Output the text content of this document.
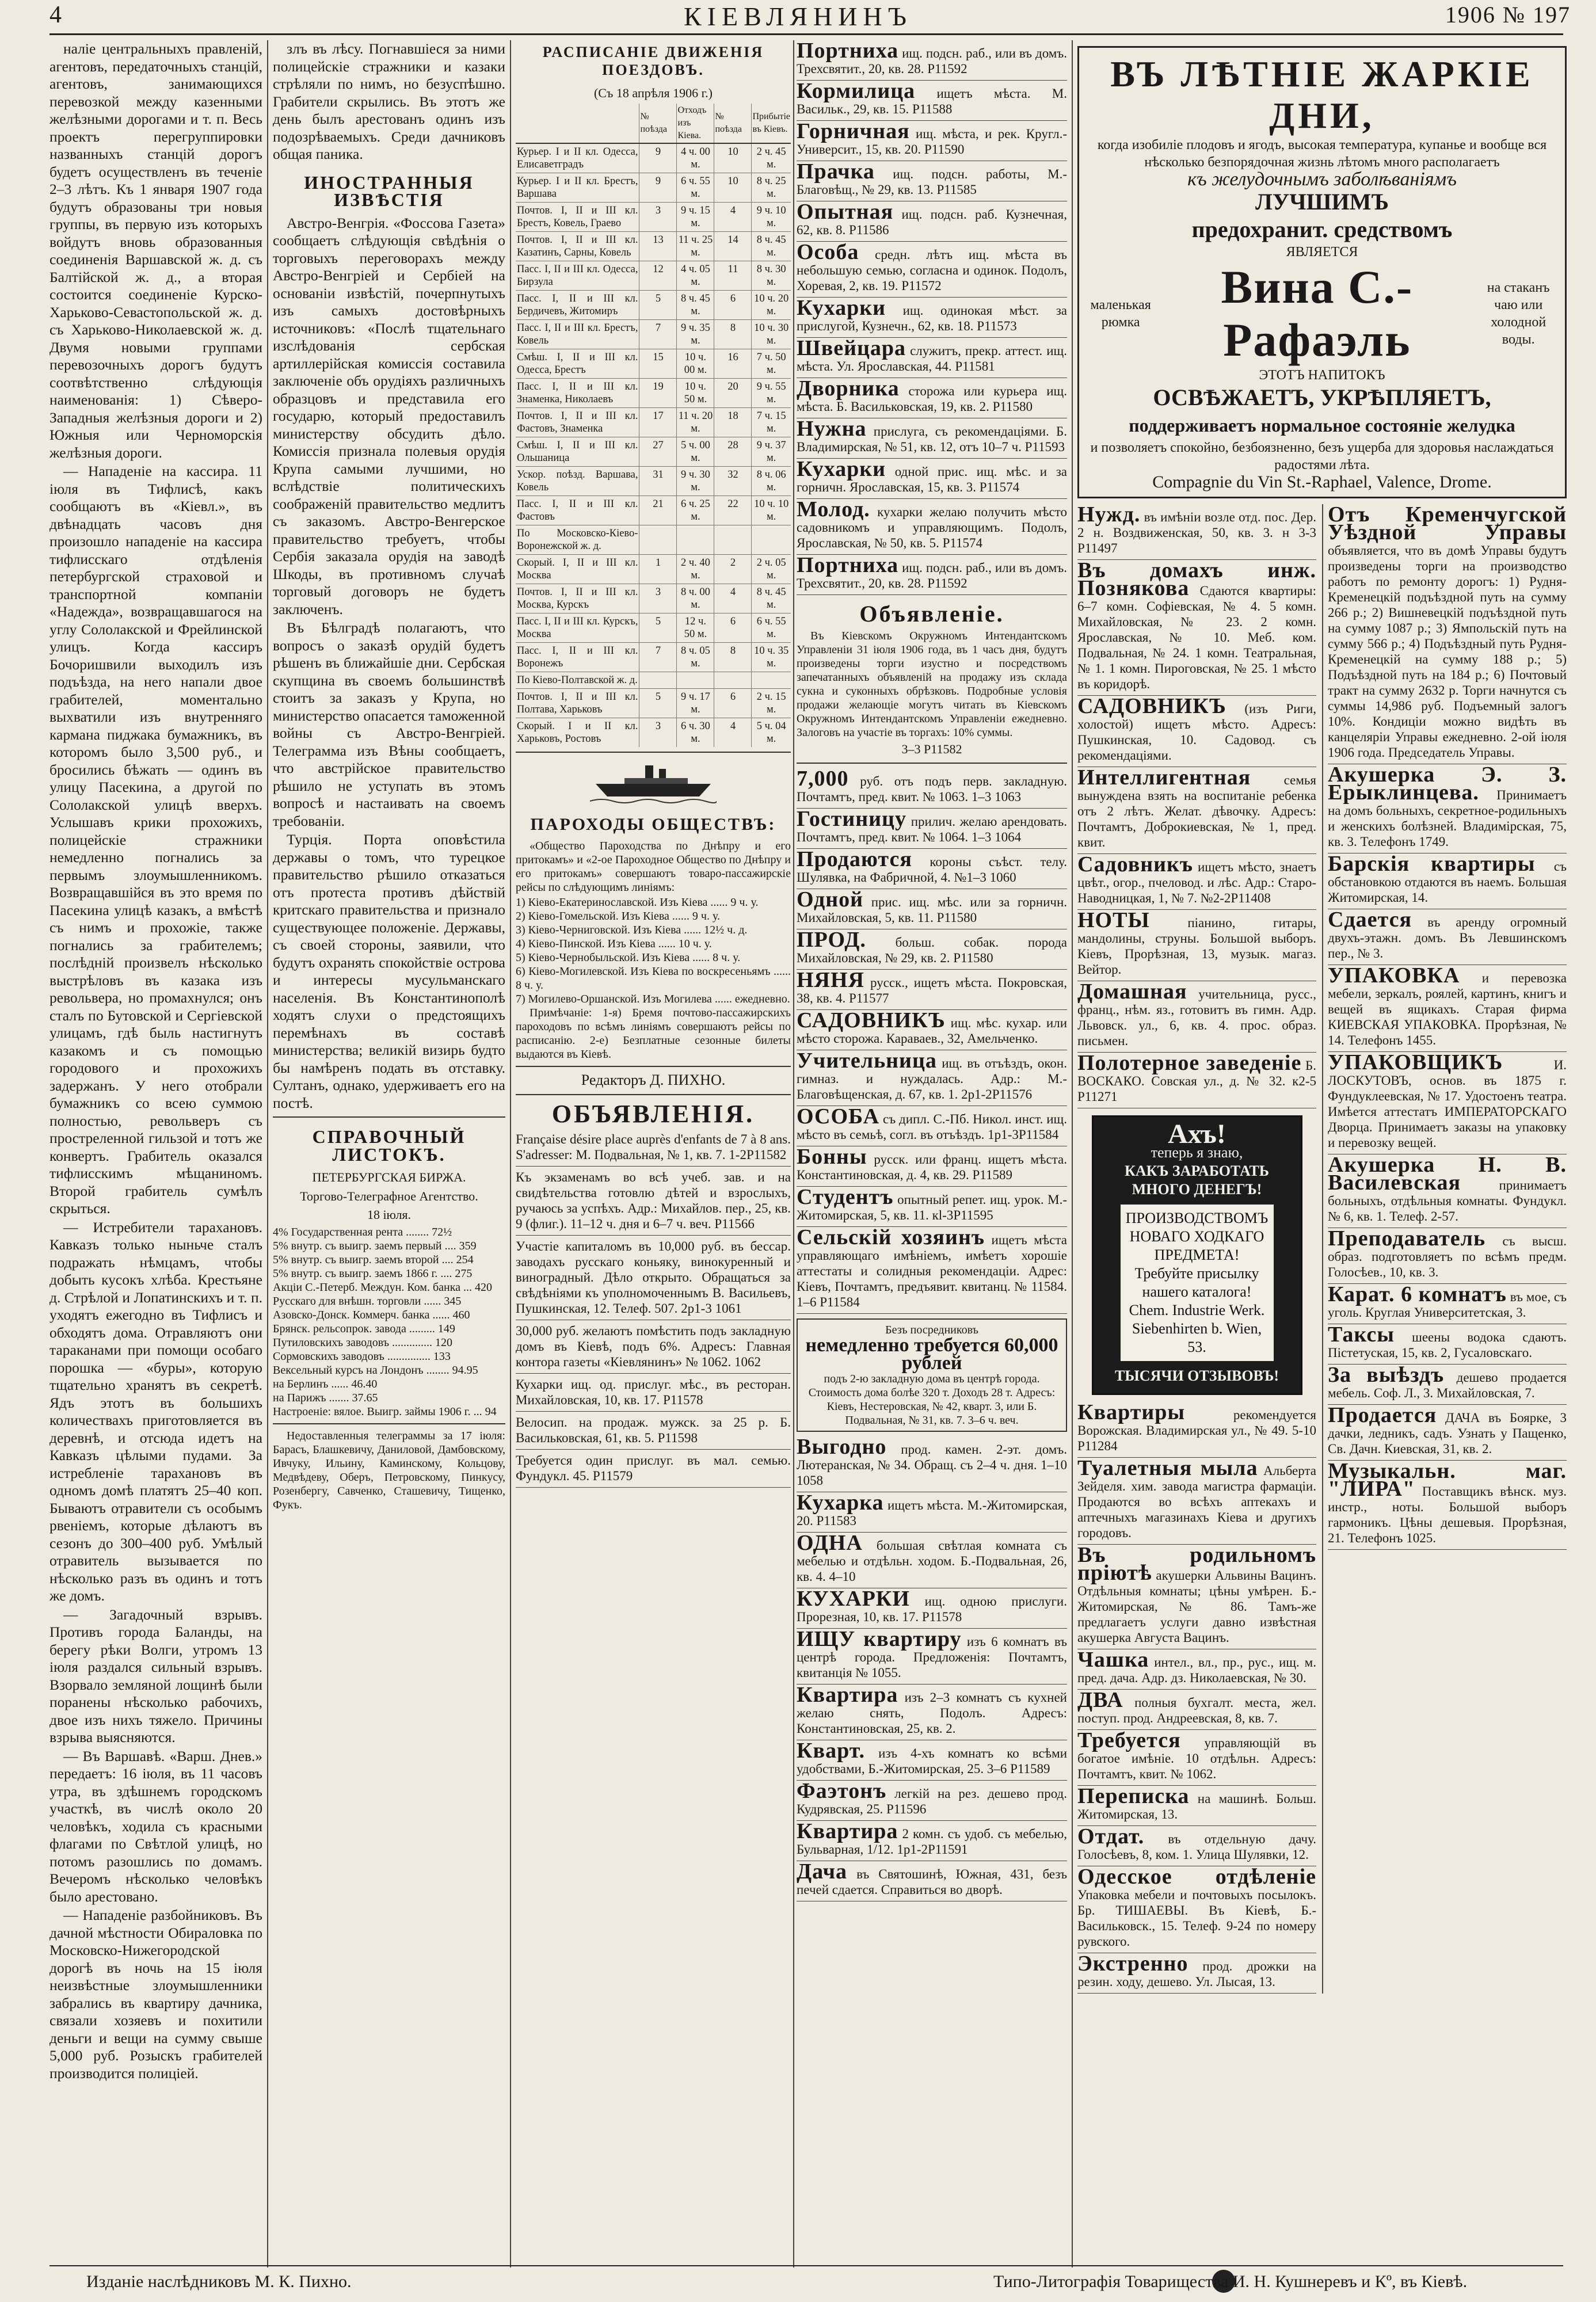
4	КІЕВЛЯНИНЪ	1906 № 197

наліе центральныхъ правленій, агентовъ, передаточныхъ станцій, агентовъ, занимающихся перевозкой между казенными желѣзными дорогами и т. п. Весь проектъ перегруппировки названныхъ станцій дорогъ будетъ осуществленъ въ теченіе 2–3 лѣтъ. Къ 1 января 1907 года будутъ образованы три новыя группы, въ первую изъ которыхъ войдутъ вновь образованныя соединенія Варшавской ж. д. съ Балтійской ж. д., а вторая состоится соединеніе Курско-Харьково-Севастопольской ж. д. съ Харьково-Николаевской ж. д. Двумя новыми группами перевозочныхъ дорогъ будутъ соотвѣтственно слѣдующія наименованія: 1) Сѣверо-Западныя желѣзныя дороги и 2) Южныя или Черноморскія желѣзныя дороги.

— Нападеніе на кассира. 11 іюля въ Тифлисѣ, какъ сообщаютъ въ «Кіевл.», въ двѣнадцать часовъ дня произошло нападеніе на кассира тифлисскаго отдѣленія петербургской страховой и транспортной компаніи «Надежда», возвращавшагося на углу Сололакской и Фрейлинской улицъ. Когда кассиръ Бочоришвили выходилъ изъ подъѣзда, на него напали двое грабителей, моментально выхватили изъ внутренняго кармана пиджака бумажникъ, въ которомъ было 3,500 руб., и бросились бѣжать — одинъ въ улицу Пасекина, а другой по Сололакской улицѣ вверхъ. Услышавъ крики прохожихъ, полицейскіе стражники немедленно погнались за первымъ злоумышленникомъ. Возвращавшійся въ это время по Пасекина улицѣ казакъ, а вмѣстѣ съ нимъ и прохожіе, также погнались за грабителемъ; послѣдній произвелъ нѣсколько выстрѣловъ въ казака изъ револьвера, но промахнулся; онъ сталъ по Бутовской и Сергіевской улицамъ, гдѣ быль настигнутъ казакомъ и съ помощью городового и прохожихъ задержанъ. У него отобрали бумажникъ со всею суммою полностью, револьверъ съ простреленной гильзой и тотъ же конвертъ. Грабитель оказался тифлисскимъ мѣщаниномъ. Второй грабитель сумѣлъ скрыться.

— Истребители тарахановъ. Кавказъ только ныньче сталъ подражать нѣмцамъ, чтобы добыть кусокъ хлѣба. Крестьяне д. Стрѣлой и Лопатинскихъ и т. п. уходятъ ежегодно въ Тифлисъ и обходятъ дома. Отравляютъ они тараканами при помощи особаго порошка — «буры», которую тщательно хранятъ въ секретѣ. Ядъ этотъ въ большихъ количествахъ приготовляется въ деревнѣ, и отсюда идетъ на Кавказъ цѣлыми пудами. За истребленіе тарахановъ въ одномъ домѣ платятъ 25–40 коп. Бываютъ отравители съ особымъ рвеніемъ, которые дѣлаютъ въ сезонъ до 300–400 руб. Умѣлый отравитель вызывается по нѣсколько разъ въ одинъ и тотъ же домъ.

— Загадочный взрывъ. Противъ города Баланды, на берегу рѣки Волги, утромъ 13 іюля раздался сильный взрывъ. Взорвало земляной лощинѣ были поранены нѣсколько рабочихъ, двое изъ нихъ тяжело. Причины взрыва выясняются.

— Въ Варшавѣ. «Варш. Днев.» передаетъ: 16 іюля, въ 11 часовъ утра, въ здѣшнемъ городскомъ участкѣ, въ числѣ около 20 человѣкъ, ходила съ красными флагами по Свѣтлой улицѣ, но потомъ разошлись по домамъ. Вечеромъ нѣсколько человѣкъ было арестовано.

— Нападеніе разбойниковъ. Въ дачной мѣстности Обираловка по Московско-Нижегородской дорогѣ въ ночь на 15 іюля неизвѣстные злоумышленники забрались въ квартиру дачника, связали хозяевъ и похитили деньги и вещи на сумму свыше 5,000 руб. Розыскъ грабителей производится полиціей.

злъ въ лѣсу. Погнавшіеся за ними полицейскіе стражники и казаки стрѣляли по нимъ, но безуспѣшно. Грабители скрылись. Въ этотъ же день былъ арестованъ одинъ изъ подозрѣваемыхъ. Среди дачниковъ общая паника.

ИНОСТРАННЫЯ ИЗВѢСТІЯ

Австро-Венгрія. «Фоссова Газета» сообщаетъ слѣдующія свѣдѣнія о торговыхъ переговорахъ между Австро-Венгріей и Сербіей на основаніи извѣстій, почерпнутыхъ изъ самыхъ достовѣрныхъ источниковъ: «Послѣ тщательнаго изслѣдованія сербская артиллерійская комиссія составила заключеніе объ орудіяхъ различныхъ образцовъ и представила его государю, который предоставилъ министерству обсудить дѣло. Комиссія признала полевыя орудія Крупа самыми лучшими, но вслѣдствіе политическихъ соображеній правительство медлитъ съ заказомъ. Австро-Венгерское правительство требуетъ, чтобы Сербія заказала орудія на заводѣ Шкоды, въ противномъ случаѣ торговый договоръ не будетъ заключенъ.

Въ Бѣлградѣ полагаютъ, что вопросъ о заказѣ орудій будетъ рѣшенъ въ ближайшіе дни. Сербская скупщина въ своемъ большинствѣ стоитъ за заказъ у Крупа, но министерство опасается таможенной войны съ Австро-Венгріей. Телеграмма изъ Вѣны сообщаетъ, что австрійское правительство рѣшило не уступать въ этомъ вопросѣ и настаивать на своемъ требованіи.

Турція. Порта оповѣстила державы о томъ, что турецкое правительство рѣшило отказаться отъ протеста противъ дѣйствій критскаго правительства и признало существующее положеніе. Державы, съ своей стороны, заявили, что будутъ охранять спокойствіе острова и интересы мусульманскаго населенія. Въ Константинополѣ ходятъ слухи о предстоящихъ перемѣнахъ въ составѣ министерства; великій визирь будто бы намѣренъ подать въ отставку. Султанъ, однако, удерживаетъ его на постѣ.

СПРАВОЧНЫЙ ЛИСТОКЪ.
ПЕТЕРБУРГСКАЯ БИРЖА.
Торгово-Телеграфное Агентство.
18 іюля.
4% Государственная рента ........ 72½
5% внутр. съ выигр. заемъ первый .... 359
5% внутр. съ выигр. заемъ второй .... 254
5% внутр. съ выигр. заемъ 1866 г. .... 275
Акціи С.-Петерб. Междун. Ком. банка ... 420
Русскаго для внѣшн. торговли ...... 345
Азовско-Донск. Коммерч. банка ...... 460
Брянск. рельсопрок. завода ......... 149
Путиловскихъ заводовъ .............. 120
Сормовскихъ заводовъ ............... 133
Вексельный курсъ на Лондонъ ........ 94.95
на Берлинъ ...... 46.40
на Парижъ ....... 37.65
Настроеніе: вялое. Выигр. займы 1906 г. ... 94

Недоставленныя телеграммы за 17 іюля: Барасъ, Блашкевичу, Даниловой, Дамбовскому, Ивчуку, Ильину, Каминскому, Кольцову, Медвѣдеву, Оберъ, Петровскому, Пинкусу, Розенбергу, Савченко, Сташевичу, Тищенко, Фукъ.

РАСПИСАНІЕ ДВИЖЕНІЯ ПОЕЗДОВЪ.
(Съ 18 апрѣля 1906 г.)
	№ поѣзда	Отходъ изъ Кіева.	№ поѣзда	Прибытіе въ Кіевъ.
Курьер. I и II кл. Одесса, Елисаветградъ	9	4 ч. 00 м.	10	2 ч. 45 м.
Курьер. I и II кл. Брестъ, Варшава	9	6 ч. 55 м.	10	8 ч. 25 м.
Почтов. I, II и III кл. Брестъ, Ковель, Граево	3	9 ч. 15 м.	4	9 ч. 10 м.
Почтов. I, II и III кл. Казатинъ, Сарны, Ковель	13	11 ч. 25 м.	14	8 ч. 45 м.
Пасс. I, II и III кл. Одесса, Бирзула	12	4 ч. 05 м.	11	8 ч. 30 м.
Пасс. I, II и III кл. Бердичевъ, Житомиръ	5	8 ч. 45 м.	6	10 ч. 20 м.
Пасс. I, II и III кл. Брестъ, Ковель	7	9 ч. 35 м.	8	10 ч. 30 м.
Смѣш. I, II и III кл. Одесса, Брестъ	15	10 ч. 00 м.	16	7 ч. 50 м.
Пасс. I, II и III кл. Знаменка, Николаевъ	19	10 ч. 50 м.	20	9 ч. 55 м.
Почтов. I, II и III кл. Фастовъ, Знаменка	17	11 ч. 20 м.	18	7 ч. 15 м.
Смѣш. I, II и III кл. Ольшаница	27	5 ч. 00 м.	28	9 ч. 37 м.
Ускор. поѣзд. Варшава, Ковель	31	9 ч. 30 м.	32	8 ч. 06 м.
Пасс. I, II и III кл. Фастовъ	21	6 ч. 25 м.	22	10 ч. 10 м.
По Московско-Кіево-Воронежской ж. д.				
Скорый. I, II и III кл. Москва	1	2 ч. 40 м.	2	2 ч. 05 м.
Почтов. I, II и III кл. Москва, Курскъ	3	8 ч. 00 м.	4	8 ч. 45 м.
Пасс. I, II и III кл. Курскъ, Москва	5	12 ч. 50 м.	6	6 ч. 55 м.
Пасс. I, II и III кл. Воронежъ	7	8 ч. 05 м.	8	10 ч. 35 м.
По Кіево-Полтавской ж. д.				
Почтов. I, II и III кл. Полтава, Харьковъ	5	9 ч. 17 м.	6	2 ч. 15 м.
Скорый. I и II кл. Харьковъ, Ростовъ	3	6 ч. 30 м.	4	5 ч. 04 м.
ПАРОХОДЫ ОБЩЕСТВЪ:

«Общество Пароходства по Днѣпру и его притокамъ» и «2-ое Пароходное Общество по Днѣпру и его притокамъ» совершаютъ товаро-пассажирскіе рейсы по слѣдующимъ линіямъ:

1) Кіево-Екатеринославской. Изъ Кіева ...... 9 ч. у.
2) Кіево-Гомельской. Изъ Кіева ...... 9 ч. у.
3) Кіево-Черниговской. Изъ Кіева ...... 12½ ч. д.
4) Кіево-Пинской. Изъ Кіева ...... 10 ч. у.
5) Кіево-Чернобыльской. Изъ Кіева ...... 8 ч. у.
6) Кіево-Могилевской. Изъ Кіева по воскресеньямъ ...... 8 ч. у.
7) Могилево-Оршанской. Изъ Могилева ...... ежедневно.

Примѣчаніе: 1-я) Бремя почтово-пассажирскихъ пароходовъ по всѣмъ линіямъ совершаютъ рейсы по расписанію. 2-е) Безплатные сезонные билеты выдаются въ Кіевѣ.

Редакторъ Д. ПИХНО.
ОБЪЯВЛЕНІЯ.
Française désire place auprès d'enfants de 7 à 8 ans. S'adresser: М. Подвальная, № 1, кв. 7. 1-2Р11582
Къ экзаменамъ во всѣ учеб. зав. и на свидѣтельства готовлю дѣтей и взрослыхъ, ручаюсь за успѣхъ. Адр.: Михайлов. пер., 25, кв. 9 (флиг.). 11–12 ч. дня и 6–7 ч. веч. Р11566
Участіе капиталомъ въ 10,000 руб. въ бессар. заводахъ русскаго коньяку, винокуренный и виноградный. Дѣло открыто. Обращаться за свѣдѣніями къ уполномоченнымъ В. Васильевъ, Пушкинская, 12. Телеф. 507. 2р1-3 1061
30,000 руб. желаютъ помѣстить подъ закладную домъ въ Кіевѣ, подъ 6%. Адресъ: Главная контора газеты «Кіевлянинъ» № 1062. 1062
Кухарки ищ. од. прислуг. мѣс., въ ресторан. Михайловская, 10, кв. 17. Р11578
Велосип. на продаж. мужск. за 25 р. Б. Васильковская, 61, кв. 5. Р11598
Требуется один прислуг. въ мал. семью. Фундукл. 45. Р11579
Портниха ищ. подсн. раб., или въ домъ. Трехсвятит., 20, кв. 28. Р11592
Кормилица ищетъ мѣста. М. Васильк., 29, кв. 15. Р11588
Горничная ищ. мѣста, и рек. Кругл.-Университ., 15, кв. 20. Р11590
Прачка ищ. подсн. работы, М.-Благовѣщ., № 29, кв. 13. Р11585
Опытная ищ. подсн. раб. Кузнечная, 62, кв. 8. Р11586
Особа средн. лѣтъ ищ. мѣста въ небольшую семью, согласна и одинок. Подолъ, Хоревая, 2, кв. 19. Р11572
Кухарки ищ. одинокая мѣст. за прислугой, Кузнечн., 62, кв. 18. Р11573
Швейцара служитъ, прекр. аттест. ищ. мѣста. Ул. Ярославская, 44. Р11581
Дворника сторожа или курьера ищ. мѣста. Б. Васильковская, 19, кв. 2. Р11580
Нужна прислуга, съ рекомендаціями. Б. Владимирская, № 51, кв. 12, отъ 10–7 ч. Р11593
Кухарки одной прис. ищ. мѣс. и за горничн. Ярославская, 15, кв. 3. Р11574
Молод. кухарки желаю получить мѣсто садовникомъ и управляющимъ. Подолъ, Ярославская, № 50, кв. 5. Р11574
Портниха ищ. подсн. раб., или въ домъ. Трехсвятит., 20, кв. 28. Р11592
Объявленіе.

Въ Кіевскомъ Окружномъ Интендантскомъ Управленіи 31 іюля 1906 года, въ 1 часъ дня, будутъ произведены торги изустно и посредствомъ запечатанныхъ объявленій на продажу изъ склада сукна и суконныхъ обрѣзковъ. Подробные условія продажи желающіе могутъ читать въ Кіевскомъ Окружномъ Интендантскомъ Управленіи ежедневно. Залоговъ на участіе въ торгахъ: 10% суммы.

3–3 Р11582
7,000 руб. отъ подъ перв. закладную. Почтамтъ, пред. квит. № 1063. 1–3 1063
Гостиницу прилич. желаю арендовать. Почтамтъ, пред. квит. № 1064. 1–3 1064
Продаются короны съѣст. телу. Шулявка, на Фабричной, 4. №1–3 1060
Одной прис. ищ. мѣс. или за горничн. Михайловская, 5, кв. 11. Р11580
ПРОД. больш. собак. порода Михайловская, № 29, кв. 2. Р11580
НЯНЯ русск., ищетъ мѣста. Покровская, 38, кв. 4. Р11577
САДОВНИКЪ ищ. мѣс. кухар. или мѣсто сторожа. Караваев., 32, Амельченко.
Учительница ищ. въ отъѣздъ, окон. гимназ. и нуждалась. Адр.: М.-Благовѣщенская, д. 67, кв. 1. 2р1-2Р11576
ОСОБА съ дипл. С.-Пб. Никол. инст. ищ. мѣсто въ семьѣ, согл. въ отъѣздъ. 1р1-3Р11584
Бонны русск. или франц. ищетъ мѣста. Константиновская, д. 4, кв. 29. Р11589
Студентъ опытный репет. ищ. урок. М.-Житомирская, 5, кв. 11. кl-3Р11595
Сельскій хозяинъ ищетъ мѣста управляющаго имѣніемъ, имѣетъ хорошіе аттестаты и солидныя рекомендаціи. Адрес: Кіевъ, Почтамтъ, предъявит. квитанц. № 11584. 1–6 Р11584
Безъ посредниковъ
немедленно требуется 60,000 рублей
подъ 2-ю закладную дома въ центрѣ города. Стоимость дома болѣе 320 т. Доходъ 28 т. Адресъ: Кіевъ, Нестеровская, № 42, кварт. 3, или Б. Подвальная, № 31, кв. 7. 3–6 ч. веч.
Выгодно прод. камен. 2-эт. домъ. Лютеранская, № 34. Обращ. съ 2–4 ч. дня. 1–10 1058
Кухарка ищетъ мѣста. М.-Житомирская, 20. Р11583
ОДНА большая свѣтлая комната съ мебелью и отдѣльн. ходом. Б.-Подвальная, 26, кв. 4. 4–10
КУХАРКИ ищ. одною прислуги. Прорезная, 10, кв. 17. Р11578
ИЩУ квартиру изъ 6 комнатъ въ центрѣ города. Предложенія: Почтамтъ, квитанція № 1055.
Квартира изъ 2–3 комнатъ съ кухней желаю снять, Подолъ. Адресъ: Константиновская, 25, кв. 2.
Кварт. изъ 4-хъ комнатъ ко всѣми удобствами, Б.-Житомирская, 25. 3–6 Р11589
Фаэтонъ легкій на рез. дешево прод. Кудрявская, 25. Р11596
Квартира 2 комн. съ удоб. съ мебелью, Бульварная, 1/12. 1р1-2Р11591
Дача въ Святошинѣ, Южная, 431, безъ печей сдается. Справиться во дворѣ.
ВЪ ЛѢТНІЕ ЖАРКІЕ ДНИ,
когда изобиліе плодовъ и ягодъ, высокая температура, купанье и вообще вся нѣсколько безпорядочная жизнь лѣтомъ много располагаетъ
къ желудочнымъ заболѣваніямъ
ЛУЧШИМЪ
предохранит. средствомъ
ЯВЛЯЕТСЯ
маленькая рюмка
Вина С.-Рафаэль
на стаканъ чаю или холодной воды.
ЭТОТЪ НАПИТОКЪ
ОСВѢЖАЕТЪ, УКРѢПЛЯЕТЪ,
поддерживаетъ нормальное состояніе желудка
и позволяетъ спокойно, безбоязненно, безъ ущерба для здоровья наслаждаться радостями лѣта.
Compagnie du Vin St.-Raphael, Valence, Drome.
Нужд. въ имѣніи возле отд. пос. Дер. 2 н. Воздвиженская, 50, кв. 3. н 3-3 Р11497
Въ домахъ инж. Позняковa Сдаются квартиры: 6–7 комн. Софіевская, № 4. 5 комн. Михайловская, № 23. 2 комн. Ярославская, № 10. Меб. ком. Подвальная, № 24. 1 комн. Театральная, № 1. 1 комн. Пироговская, № 25. 1 мѣсто въ коридорѣ.
САДОВНИКЪ (изъ Риги, холостой) ищетъ мѣсто. Адресъ: Пушкинская, 10. Садовод. съ рекомендаціями.
Интеллигентная	семья вынуждена взять на воспитаніе ребенка отъ 2 лѣтъ. Желат. дѣвочку. Адресъ: Почтамтъ, Доброкиевская, № 1, пред. квит.
Садовникъ ищетъ мѣсто, знаетъ цвѣт., огор., пчеловод. и лѣс. Адр.: Старо-Наводницкая, 1, № 7. №2-2Р11408
НОТЫ	піанино, гитары, мандолины, струны. Большой выборъ. Кіевъ, Прорѣзная, 13, музык. магаз. Вейтор.
Домашная учительница, русс., франц., нѣм. яз., готовитъ въ гимн. Адр. Львовск. ул., 6, кв. 4. прос. образ. письмен.
Полотерное заведеніе Б. ВОСКАКО. Совская ул., д. № 32. к2-5 Р11271
Ахъ!
теперь я знаю,
КАКЪ ЗАРАБОТАТЬ МНОГО ДЕНЕГЪ!
ПРОИЗВОДСТВОМЪ НОВАГО ХОДКАГО ПРЕДМЕТА!
Требуйте присылку нашего каталога!
Chem. Industrie Werk. Siebenhirten b. Wien, 53.
ТЫСЯЧИ ОТЗЫВОВЪ!
Квартиры	рекомендуется Ворожская. Владимирская ул., № 49. 5-10 Р11284
Туалетныя мыла Альберта Зейделя. хим. завода магистра фармаціи. Продаются во всѣхъ аптекахъ и аптечныхъ магазинахъ Кіева и другихъ городовъ.
Въ родильномъ пріютѣ акушерки Альвины Вацинъ. Отдѣльныя комнаты; цѣны умѣрен. Б.-Житомирская, № 86. Тамъ-же предлагаетъ услуги давно извѣстная акушерка Августа Вацинъ.
Чашка интел., вл., пр., рус., ищ. м. пред. дача. Адр. дз. Николаевская, № 30.
ДВА полныя бухгалт. места, жел. поступ. прод. Андреевская, 8, кв. 7.
Требуется управляющій въ богатое имѣніе. 10 отдѣльн. Адресъ: Почтамтъ, квит. № 1062.
Переписка на машинѣ. Больш. Житомирская, 13.
Отдат. въ отдельную дачу. Голосѣевъ, 8, ком. 1. Улица Шулявки, 12.
Одесское отдѣленіе Упаковка мебели и почтовыхъ посылокъ. Бр. ТИШАЕВЫ. Въ Кіевѣ, Б.-Васильковск., 15. Телеф. 9-24 по номеру рувского.
Экстренно прод. дрожки на резин. ходу, дешево. Ул. Лысая, 13.
Отъ Кременчугской Уѣздной Управы объявляется, что въ домѣ Управы будутъ произведены торги на производство работъ по ремонту дорогъ: 1) Рудня-Кременецкій подъѣздной путь на сумму 266 р.; 2) Вишневецкій подъѣздной путь на сумму 1087 р.; 3) Ямпольскій путь на сумму 566 р.; 4) Подъѣздный путь Рудня-Кременецкій на сумму 188 р.; 5) Подъѣздной путь на 184 р.; 6) Почтовый тракт на сумму 2632 р. Торги начнутся съ суммы 14,986 руб. Подъемный залогъ 10%. Кондиціи можно видѣть въ канцеляріи Управы ежедневно. 2-ой іюля 1906 года. Председатель Управы.
Акушерка Э. З. Ерыклинцева. Принимаетъ на домъ больныхъ, секретное-родильныхъ и женскихъ болѣзней. Владимірская, 75, кв. 3. Телефонъ 1749.
Барскія квартиры съ обстановкою отдаются въ наемъ. Большая Житомирская, 14.
Сдается въ аренду огромный двухъ-этажн. домъ. Въ Левшинскомъ пер., № 3.
УПАКОВКА и перевозка мебели, зеркалъ, роялей, картинъ, книгъ и вещей въ ящикахъ. Старая фирма КИЕВСКАЯ УПАКОВКА. Прорѣзная, № 14. Телефонъ 1455.
УПАКОВЩИКЪ	И. ЛОСКУТОВЪ, основ. въ 1875 г. Фундуклеевская, № 17. Удостоенъ театра. Имѣется аттестатъ ИМПЕРАТОРСКАГО Дворца. Принимаетъ заказы на упаковку и перевозку вещей.
Акушерка Н. В. Василевская	принимаетъ больныхъ, отдѣльныя комнаты. Фундукл. № 6, кв. 1. Телеф. 2-57.
Преподаватель съ высш. образ. подготовляетъ по всѣмъ предм. Голосѣев., 10, кв. 3.
Карат. 6 комнатъ въ мое, съ уголь. Круглая Университетская, 3.
Таксы шеены водока сдаютъ. Пістетуская, 15, кв. 2, Гусаловскаго.
За выѣздъ дешево продается мебель. Соф. Л., 3. Михайловская, 7.
Продается ДАЧА въ Боярке, 3 дачки, ледникъ, садъ. Узнать у Пащенко, Св. Дачн. Киевская, 31, кв. 2.
Музыкальн. маг. "ЛИРА" Поставщикъ вѣнск. муз. инстр., ноты. Большой выборъ гармоникъ. Цѣны дешевыя. Прорѣзная, 21. Телефонъ 1025.
Изданіе наслѣдниковъ М. К. Пихно.	Типо-Литографія Товарищества И. Н. Кушнеревъ и Кº, въ Кіевѣ.
